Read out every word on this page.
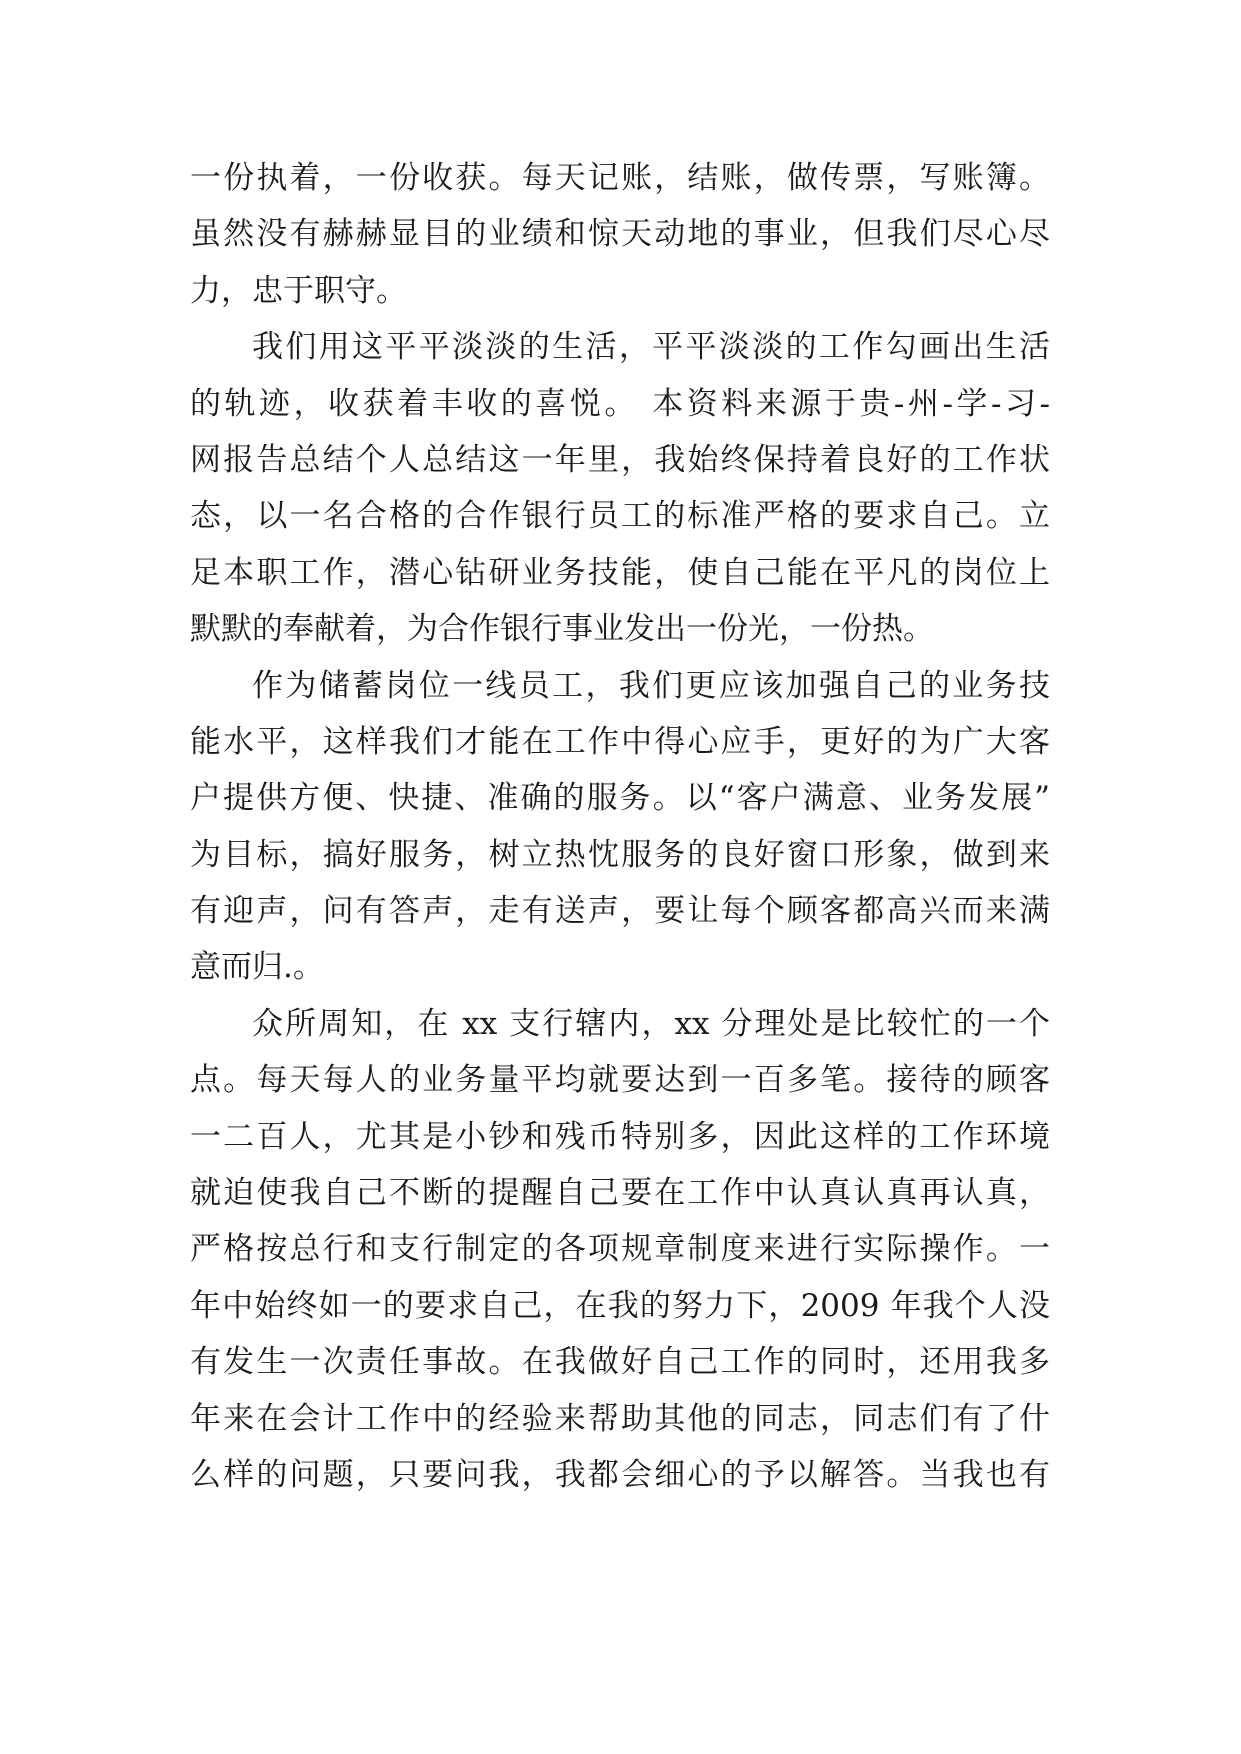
一份执着，一份收获。每天记账，结账，做传票，写账簿。
虽然没有赫赫显目的业绩和惊天动地的事业，但我们尽心尽
力，忠于职守。
我们用这平平淡淡的生活，平平淡淡的工作勾画出生活
的轨迹，收获着丰收的喜悦。 本资料来源于贵-州-学-习-
网报告总结个人总结这一年里，我始终保持着良好的工作状
态，以一名合格的合作银行员工的标准严格的要求自己。立
足本职工作，潜心钻研业务技能，使自己能在平凡的岗位上
默默的奉献着，为合作银行事业发出一份光，一份热。
作为储蓄岗位一线员工，我们更应该加强自己的业务技
能水平，这样我们才能在工作中得心应手，更好的为广大客
户提供方便、快捷、准确的服务。以“客户满意、业务发展”
为目标，搞好服务，树立热忱服务的良好窗口形象，做到来
有迎声，问有答声，走有送声，要让每个顾客都高兴而来满
意而归.。
众所周知，在 xx 支行辖内，xx 分理处是比较忙的一个
点。每天每人的业务量平均就要达到一百多笔。接待的顾客
一二百人，尤其是小钞和残币特别多，因此这样的工作环境
就迫使我自己不断的提醒自己要在工作中认真认真再认真，
严格按总行和支行制定的各项规章制度来进行实际操作。一
年中始终如一的要求自己，在我的努力下，2009 年我个人没
有发生一次责任事故。在我做好自己工作的同时，还用我多
年来在会计工作中的经验来帮助其他的同志，同志们有了什
么样的问题，只要问我，我都会细心的予以解答。当我也有
